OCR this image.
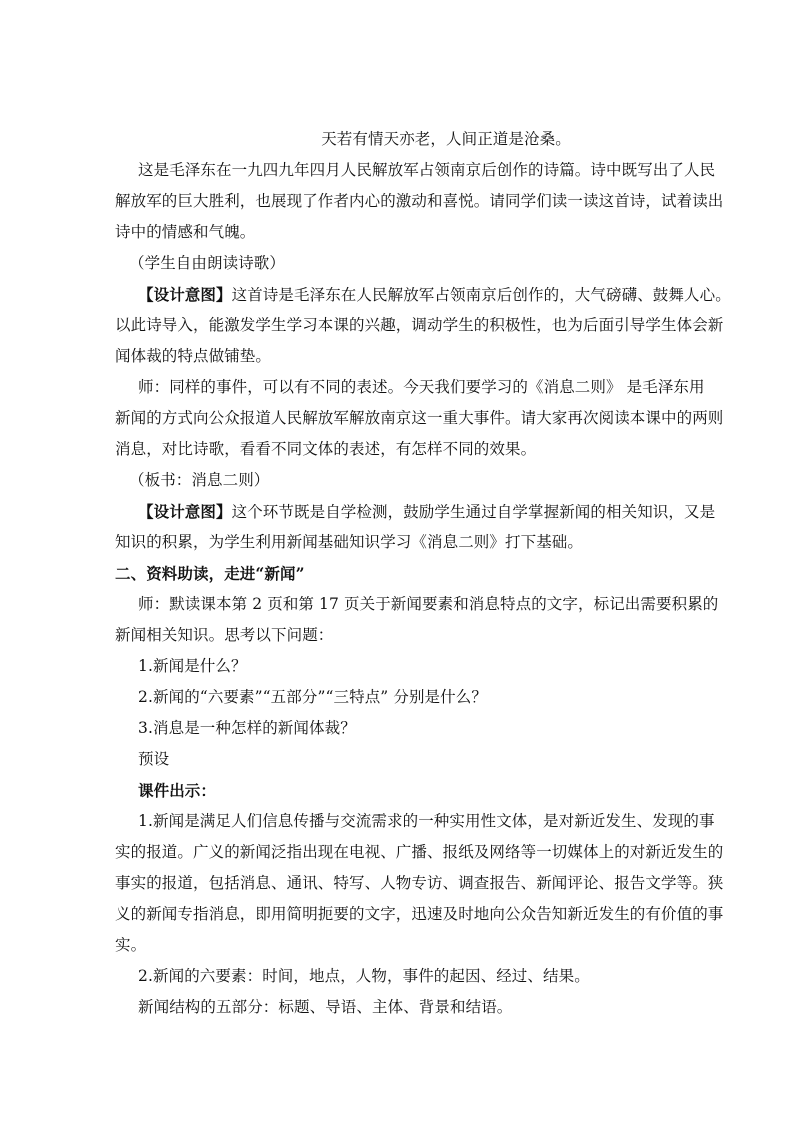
天若有情天亦老，人间正道是沧桑。
这是毛泽东在一九四九年四月人民解放军占领南京后创作的诗篇。诗中既写出了人民
解放军的巨大胜利，也展现了作者内心的激动和喜悦。请同学们读一读这首诗，试着读出
诗中的情感和气魄。
（学生自由朗读诗歌）
【设计意图】这首诗是毛泽东在人民解放军占领南京后创作的，大气磅礴、鼓舞人心。
以此诗导入，能激发学生学习本课的兴趣，调动学生的积极性，也为后面引导学生体会新
闻体裁的特点做铺垫。
师：同样的事件，可以有不同的表述。今天我们要学习的《消息二则》 是毛泽东用
新闻的方式向公众报道人民解放军解放南京这一重大事件。请大家再次阅读本课中的两则
消息，对比诗歌，看看不同文体的表述，有怎样不同的效果。
（板书：消息二则）
【设计意图】这个环节既是自学检测，鼓励学生通过自学掌握新闻的相关知识，又是
知识的积累，为学生利用新闻基础知识学习《消息二则》打下基础。
二、资料助读，走进“新闻”
师：默读课本第 2 页和第 17 页关于新闻要素和消息特点的文字，标记出需要积累的
新闻相关知识。思考以下问题：
1.新闻是什么？
2.新闻的“六要素”“五部分”“三特点” 分别是什么？
3.消息是一种怎样的新闻体裁？
预设
课件出示：
1.新闻是满足人们信息传播与交流需求的一种实用性文体，是对新近发生、发现的事
实的报道。广义的新闻泛指出现在电视、广播、报纸及网络等一切媒体上的对新近发生的
事实的报道，包括消息、通讯、特写、人物专访、调查报告、新闻评论、报告文学等。狭
义的新闻专指消息，即用简明扼要的文字，迅速及时地向公众告知新近发生的有价值的事
实。
2.新闻的六要素：时间，地点，人物，事件的起因、经过、结果。
新闻结构的五部分：标题、导语、主体、背景和结语。
